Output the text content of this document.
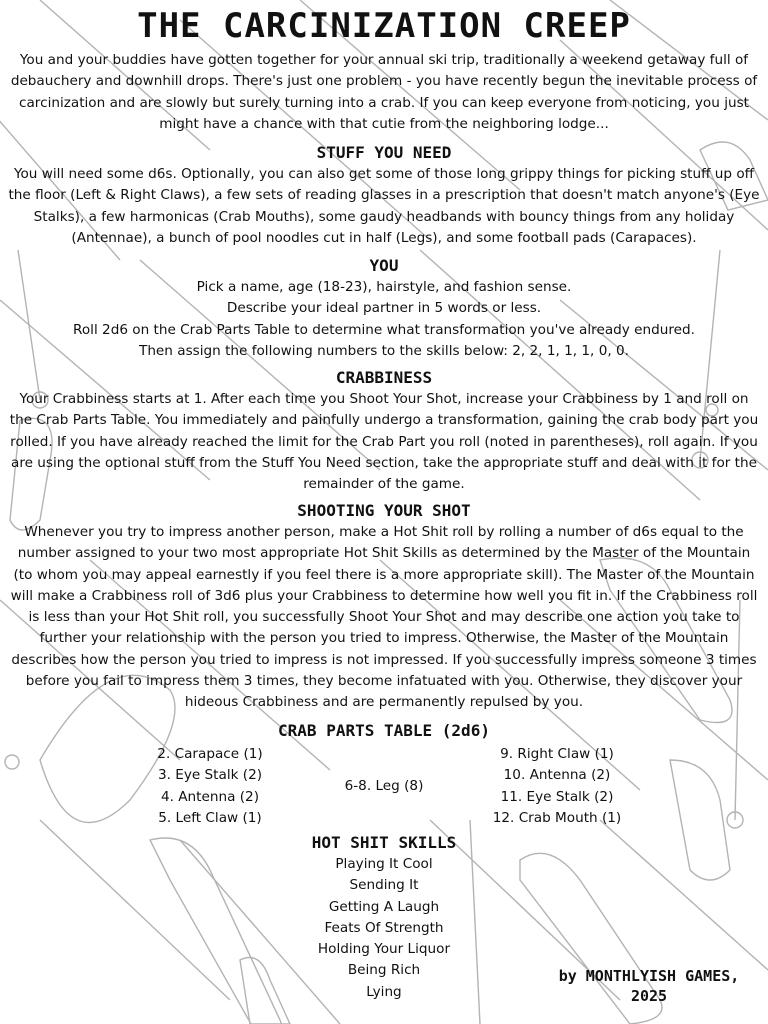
THE CARCINIZATION CREEP

You and your buddies have gotten together for your annual ski trip, traditionally a weekend getaway full of debauchery and downhill drops. There's just one problem - you have recently begun the inevitable process of carcinization and are slowly but surely turning into a crab. If you can keep everyone from noticing, you just might have a chance with that cutie from the neighboring lodge...

STUFF YOU NEED

You will need some d6s. Optionally, you can also get some of those long grippy things for picking stuff up off the floor (Left & Right Claws), a few sets of reading glasses in a prescription that doesn't match anyone's (Eye Stalks), a few harmonicas (Crab Mouths), some gaudy headbands with bouncy things from any holiday (Antennae), a bunch of pool noodles cut in half (Legs), and some football pads (Carapaces).

YOU

Pick a name, age (18-23), hairstyle, and fashion sense.

Describe your ideal partner in 5 words or less.

Roll 2d6 on the Crab Parts Table to determine what transformation you've already endured.

Then assign the following numbers to the skills below: 2, 2, 1, 1, 1, 0, 0.

CRABBINESS

Your Crabbiness starts at 1. After each time you Shoot Your Shot, increase your Crabbiness by 1 and roll on the Crab Parts Table. You immediately and painfully undergo a transformation, gaining the crab body part you rolled. If you have already reached the limit for the Crab Part you roll (noted in parentheses), roll again. If you are using the optional stuff from the Stuff You Need section, take the appropriate stuff and deal with it for the remainder of the game.

SHOOTING YOUR SHOT

Whenever you try to impress another person, make a Hot Shit roll by rolling a number of d6s equal to the number assigned to your two most appropriate Hot Shit Skills as determined by the Master of the Mountain (to whom you may appeal earnestly if you feel there is a more appropriate skill). The Master of the Mountain will make a Crabbiness roll of 3d6 plus your Crabbiness to determine how well you fit in. If the Crabbiness roll is less than your Hot Shit roll, you successfully Shoot Your Shot and may describe one action you take to further your relationship with the person you tried to impress. Otherwise, the Master of the Mountain describes how the person you tried to impress is not impressed. If you successfully impress someone 3 times before you fail to impress them 3 times, they become infatuated with you. Otherwise, they discover your hideous Crabbiness and are permanently repulsed by you.

CRAB PARTS TABLE (2d6)
2. Carapace (1)
3. Eye Stalk (2)
4. Antenna (2)
5. Left Claw (1)
6-8. Leg (8)
9. Right Claw (1)
10. Antenna (2)
11. Eye Stalk (2)
12. Crab Mouth (1)
HOT SHIT SKILLS
Playing It Cool
Sending It
Getting A Laugh
Feats Of Strength
Holding Your Liquor
Being Rich
Lying
by MONTHLYISH GAMES,
2025
